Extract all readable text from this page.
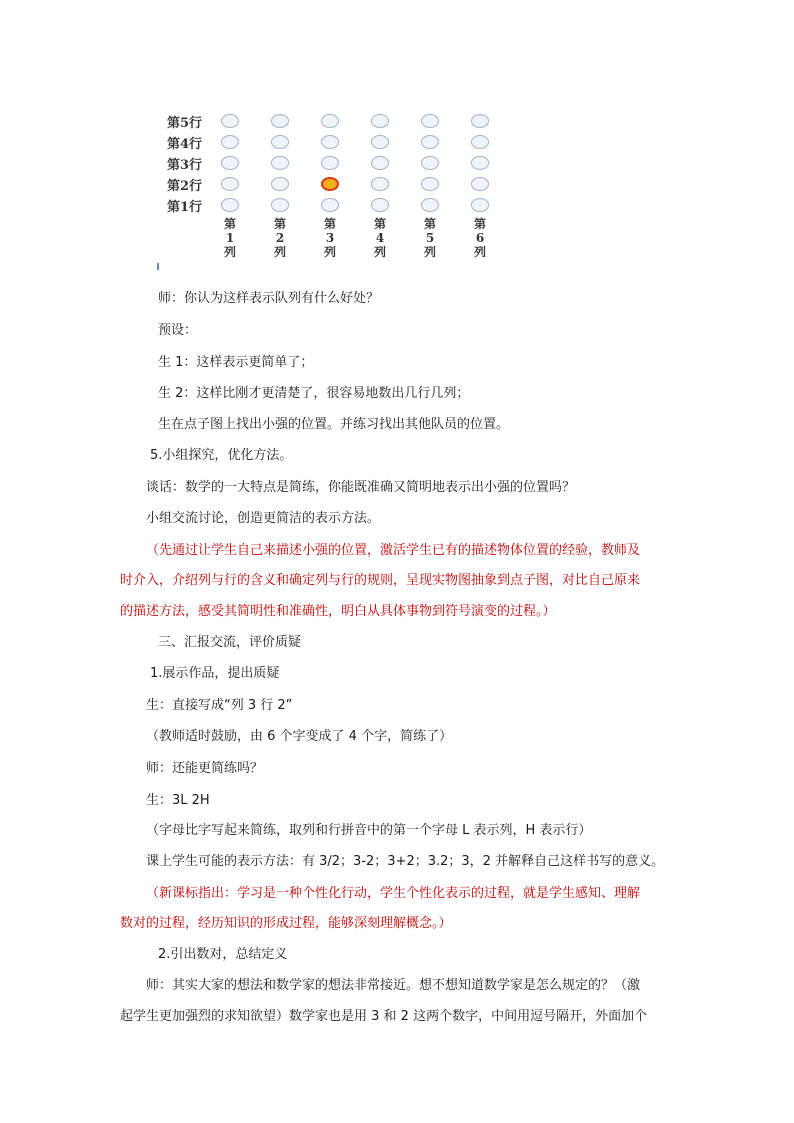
第5行
第4行
第3行
第2行
第1行
第
1
列
第
2
列
第
3
列
第
4
列
第
5
列
第
6
列
师：你认为这样表示队列有什么好处？
预设：
生 1：这样表示更简单了；
生 2：这样比刚才更清楚了，很容易地数出几行几列；
生在点子图上找出小强的位置。并练习找出其他队员的位置。
5.小组探究，优化方法。
谈话：数学的一大特点是简练，你能既准确又简明地表示出小强的位置吗？
小组交流讨论，创造更简洁的表示方法。
（先通过让学生自己来描述小强的位置，激活学生已有的描述物体位置的经验，教师及
时介入，介绍列与行的含义和确定列与行的规则，呈现实物图抽象到点子图，对比自己原来
的描述方法，感受其简明性和准确性，明白从具体事物到符号演变的过程。）
三、汇报交流，评价质疑
1.展示作品，提出质疑
生：直接写成“列 3 行 2”
（教师适时鼓励，由 6 个字变成了 4 个字，简练了）
师：还能更简练吗？
生：3L 2H
（字母比字写起来简练，取列和行拼音中的第一个字母 L 表示列，H 表示行）
课上学生可能的表示方法：有 3/2；3-2；3+2；3.2；3，2 并解释自己这样书写的意义。
（新课标指出：学习是一种个性化行动，学生个性化表示的过程，就是学生感知、理解
数对的过程，经历知识的形成过程，能够深刻理解概念。）
2.引出数对，总结定义
师：其实大家的想法和数学家的想法非常接近。想不想知道数学家是怎么规定的？（激
起学生更加强烈的求知欲望）数学家也是用 3 和 2 这两个数字，中间用逗号隔开，外面加个
